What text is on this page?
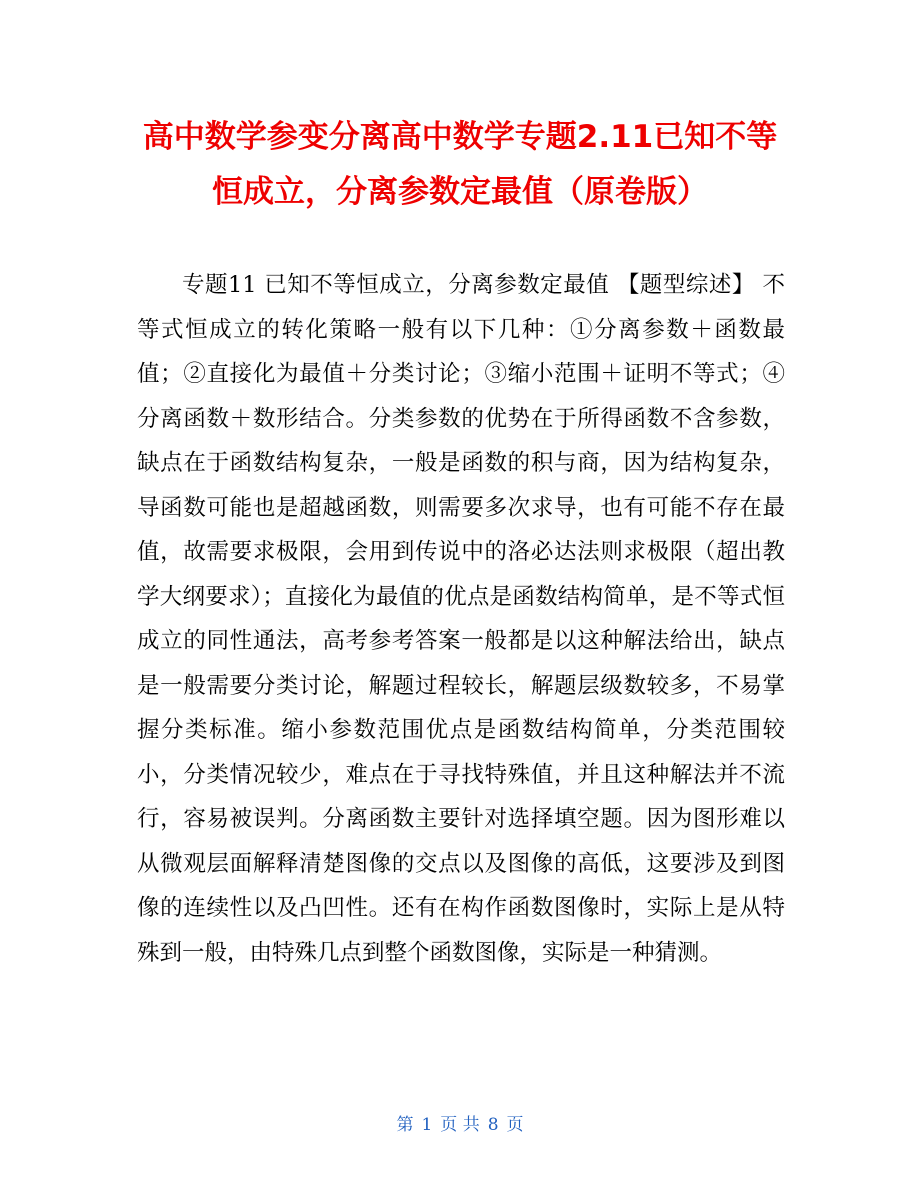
高中数学参变分离高中数学专题2.11已知不等
恒成立，分离参数定最值（原卷版）

专题11 已知不等恒成立，分离参数定最值 【题型综述】 不等式恒成立的转化策略一般有以下几种：①分离参数＋函数最值；②直接化为最值＋分类讨论；③缩小范围＋证明不等式；④分离函数＋数形结合。分类参数的优势在于所得函数不含参数，缺点在于函数结构复杂，一般是函数的积与商，因为结构复杂，导函数可能也是超越函数，则需要多次求导，也有可能不存在最值，故需要求极限，会用到传说中的洛必达法则求极限（超出教学大纲要求）；直接化为最值的优点是函数结构简单，是不等式恒成立的同性通法，高考参考答案一般都是以这种解法给出，缺点是一般需要分类讨论，解题过程较长，解题层级数较多，不易掌握分类标准。缩小参数范围优点是函数结构简单，分类范围较小，分类情况较少，难点在于寻找特殊值，并且这种解法并不流行，容易被误判。分离函数主要针对选择填空题。因为图形难以从微观层面解释清楚图像的交点以及图像的高低，这要涉及到图像的连续性以及凸凹性。还有在构作函数图像时，实际上是从特殊到一般，由特殊几点到整个函数图像，实际是一种猜测。

第 1 页 共 8 页
